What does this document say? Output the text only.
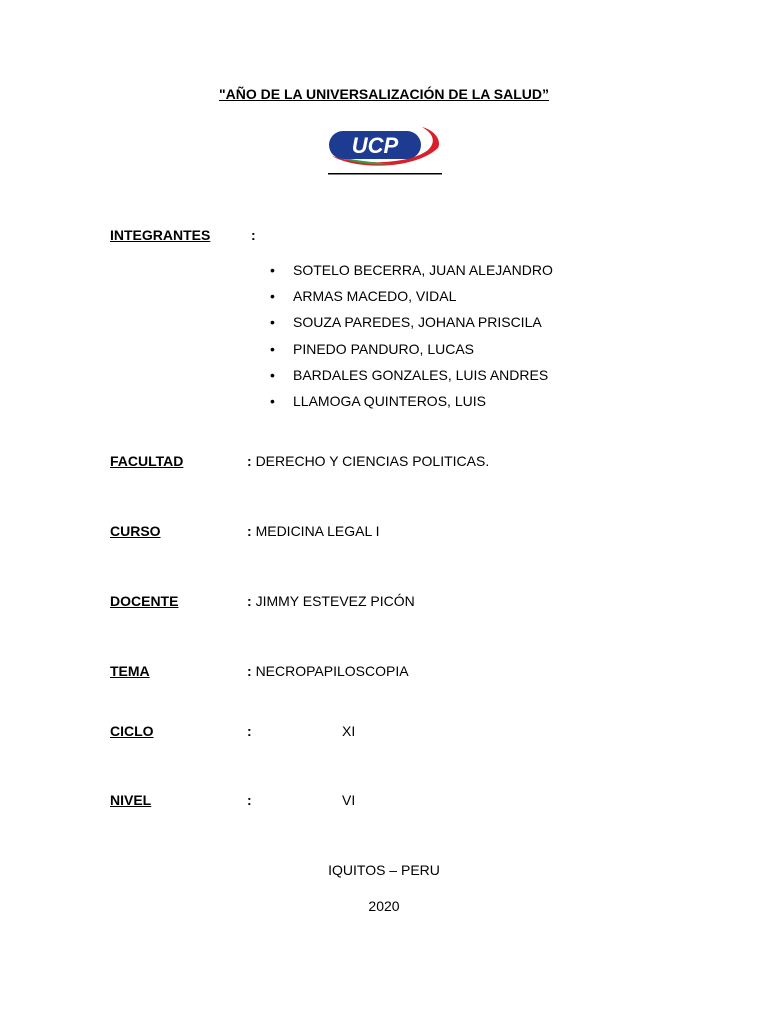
"AÑO DE LA UNIVERSALIZACIÓN DE LA SALUD”
UCP
INTEGRANTES	:
• SOTELO BECERRA, JUAN ALEJANDRO
• ARMAS MACEDO, VIDAL
• SOUZA PAREDES, JOHANA PRISCILA
• PINEDO PANDURO, LUCAS
• BARDALES GONZALES, LUIS ANDRES
• LLAMOGA QUINTEROS, LUIS
FACULTAD	: DERECHO Y CIENCIAS POLITICAS.
CURSO	: MEDICINA LEGAL I
DOCENTE	: JIMMY ESTEVEZ PICÓN
TEMA	: NECROPAPILOSCOPIA
CICLO	:	XI
NIVEL	:	VI
IQUITOS – PERU
2020
